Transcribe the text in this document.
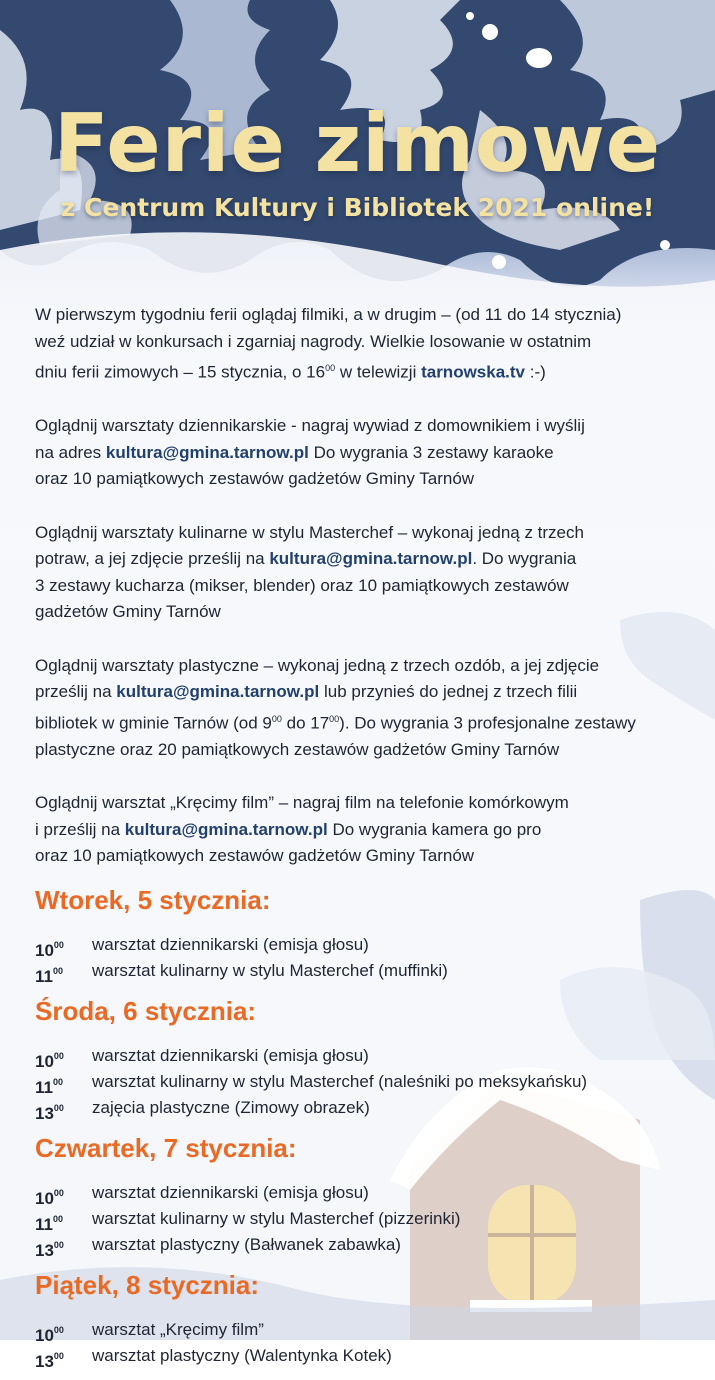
Ferie zimowe
z Centrum Kultury i Bibliotek 2021 online!

W pierwszym tygodniu ferii oglądaj filmiki, a w drugim – (od 11 do 14 stycznia)
weź udział w konkursach i zgarniaj nagrody. Wielkie losowanie w ostatnim
dniu ferii zimowych – 15 stycznia, o $16^{00}$ w telewizji tarnowska.tv :-)

Oglądnij warsztaty dziennikarskie - nagraj wywiad z domownikiem i wyślij
na adres kultura@gmina.tarnow.pl Do wygrania 3 zestawy karaoke
oraz 10 pamiątkowych zestawów gadżetów Gminy Tarnów

Oglądnij warsztaty kulinarne w stylu Masterchef – wykonaj jedną z trzech
potraw, a jej zdjęcie prześlij na kultura@gmina.tarnow.pl. Do wygrania
3 zestawy kucharza (mikser, blender) oraz 10 pamiątkowych zestawów
gadżetów Gminy Tarnów

Oglądnij warsztaty plastyczne – wykonaj jedną z trzech ozdób, a jej zdjęcie
prześlij na kultura@gmina.tarnow.pl lub przynieś do jednej z trzech filii
bibliotek w gminie Tarnów (od $9^{00}$ do $17^{00}$). Do wygrania 3 profesjonalne zestawy
plastyczne oraz 20 pamiątkowych zestawów gadżetów Gminy Tarnów

Oglądnij warsztat „Kręcimy film” – nagraj film na telefonie komórkowym
i prześlij na kultura@gmina.tarnow.pl Do wygrania kamera go pro
oraz 10 pamiątkowych zestawów gadżetów Gminy Tarnów

Wtorek, 5 stycznia:
$10^{00}$	warsztat dziennikarski (emisja głosu)
$11^{00}$	warsztat kulinarny w stylu Masterchef (muffinki)
Środa, 6 stycznia:
$10^{00}$	warsztat dziennikarski (emisja głosu)
$11^{00}$	warsztat kulinarny w stylu Masterchef (naleśniki po meksykańsku)
$13^{00}$	zajęcia plastyczne (Zimowy obrazek)
Czwartek, 7 stycznia:
$10^{00}$	warsztat dziennikarski (emisja głosu)
$11^{00}$	warsztat kulinarny w stylu Masterchef (pizzerinki)
$13^{00}$	warsztat plastyczny (Bałwanek zabawka)
Piątek, 8 stycznia:
$10^{00}$	warsztat „Kręcimy film”
$13^{00}$	warsztat plastyczny (Walentynka Kotek)
